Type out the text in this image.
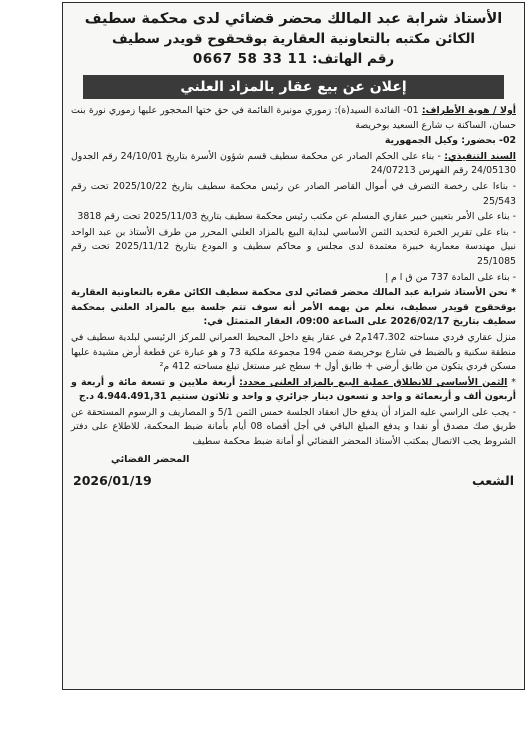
الأستاذ شرابة عبد المالك محضر قضائي لدى محكمة سطيف
الكائن مكتبه بالتعاونية العقارية بوقحقوح قويدر سطيف
رقم الهاتف: 0667 58 33 11
إعلان عن بيع عقار بالمزاد العلني

أولا / هوية الأطراف: 01- الفائدة السيد(ة): زموري مونيرة القائمة في حق ختها المحجور عليها زموري نورة بنت حسان، الساكنة ب شارع السعيد بوخريصة

02- بحضور: وكيل الجمهورية

السند التنفيذي: - بناء على الحكم الصادر عن محكمة سطيف قسم شؤون الأسرة بتاريخ 24/10/01 رقم الجدول 24/05130 رقم الفهرس 24/07213

- بناءا على رخصة التصرف في أموال القاصر الصادر عن رئيس محكمة سطيف بتاريخ 2025/10/22 تحت رقم 25/543

- بناء على الأمر بتعيين خبير عقاري المسلم عن مكتب رئيس محكمة سطيف بتاريخ 2025/11/03 تحت رقم 3818

- بناء على تقرير الخبرة لتحديد الثمن الأساسي لبداية البيع بالمزاد العلني المحرر من طرف الأستاذ بن عبد الواحد نبيل مهندسة معمارية خبيرة معتمدة لدى مجلس و محاكم سطيف و المودع بتاريخ 2025/11/12 تحت رقم 25/1085

- بناء على المادة 737 من ق ا م إ

* نحن الأستاذ شرابة عبد المالك محضر قضائي لدى محكمة سطيف الكائن مقره بالتعاونية العقارية بوقحقوح قويدر سطيف، نعلم من يهمه الأمر أنه سوف تتم جلسة بيع بالمزاد العلني بمحكمة سطيف بتاريخ 2026/02/17 على الساعة 09:00، العقار المتمثل في:

منزل عقاري فردي مساحته 147.302م2 في عقار يقع داخل المحيط العمراني للمركز الرئيسي لبلدية سطيف في منطقة سكنية و بالضبط في شارع بوخريصة ضمن 194 مجموعة ملكية 73 و هو عبارة عن قطعة أرض مشيدة عليها مسكن فردي يتكون من طابق أرضي + طابق أول + سطح غير مستغل تبلغ مساحته 412 م²

* الثمن الأساسي للانطلاق عملية البيع بالمزاد العلني محدد: أربعة ملايين و تسعة مائة و أربعة و أربعون ألف و أربعمائة و واحد و تسعون دينار جزائري و واحد و ثلاثون سنتيم 4.944.491,31 د.ج

- يجب على الراسي عليه المزاد أن يدفع حال انعقاد الجلسة خمس الثمن 5/1 و المصاريف و الرسوم المستحقة عن طريق صك مصدق أو نقدا و يدفع المبلغ الباقي في أجل أقصاه 08 أيام بأمانة ضبط المحكمة، للاطلاع على دفتر الشروط يجب الاتصال بمكتب الأستاذ المحضر القضائي أو أمانة ضبط محكمة سطيف

المحضر القضائي
الشعب
2026/01/19
